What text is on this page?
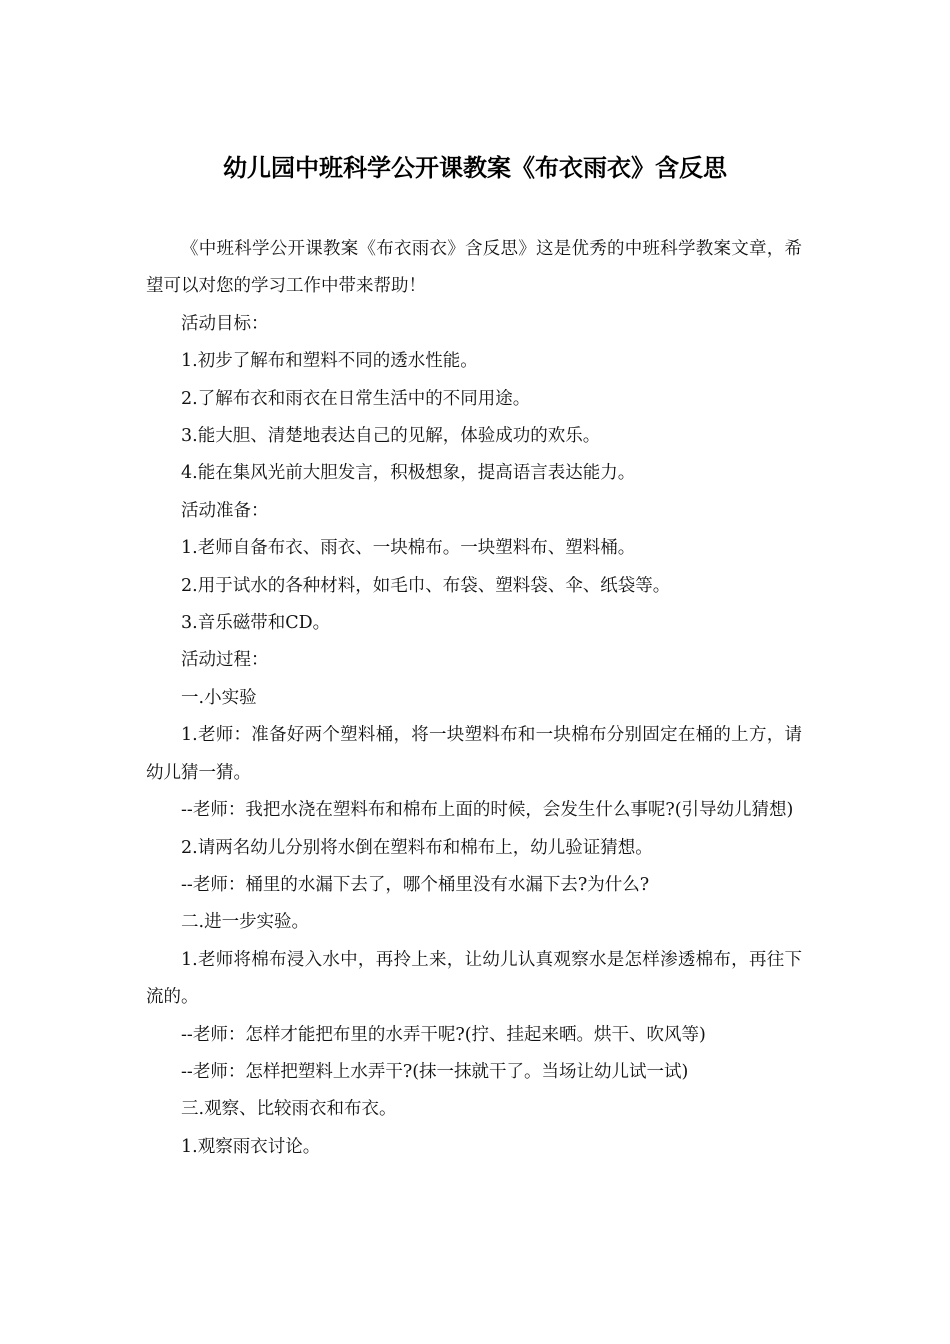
幼儿园中班科学公开课教案《布衣雨衣》含反思

《中班科学公开课教案《布衣雨衣》含反思》这是优秀的中班科学教案文章，希望可以对您的学习工作中带来帮助！

活动目标：

1.初步了解布和塑料不同的透水性能。

2.了解布衣和雨衣在日常生活中的不同用途。

3.能大胆、清楚地表达自己的见解，体验成功的欢乐。

4.能在集风光前大胆发言，积极想象，提高语言表达能力。

活动准备：

1.老师自备布衣、雨衣、一块棉布。一块塑料布、塑料桶。

2.用于试水的各种材料，如毛巾、布袋、塑料袋、伞、纸袋等。

3.音乐磁带和CD。

活动过程：

一.小实验

1.老师：准备好两个塑料桶，将一块塑料布和一块棉布分别固定在桶的上方，请幼儿猜一猜。

--老师：我把水浇在塑料布和棉布上面的时候，会发生什么事呢?(引导幼儿猜想)

2.请两名幼儿分别将水倒在塑料布和棉布上，幼儿验证猜想。

--老师：桶里的水漏下去了，哪个桶里没有水漏下去?为什么?

二.进一步实验。

1.老师将棉布浸入水中，再拎上来，让幼儿认真观察水是怎样渗透棉布，再往下流的。

--老师：怎样才能把布里的水弄干呢?(拧、挂起来晒。烘干、吹风等)

--老师：怎样把塑料上水弄干?(抹一抹就干了。当场让幼儿试一试)

三.观察、比较雨衣和布衣。

1.观察雨衣讨论。
